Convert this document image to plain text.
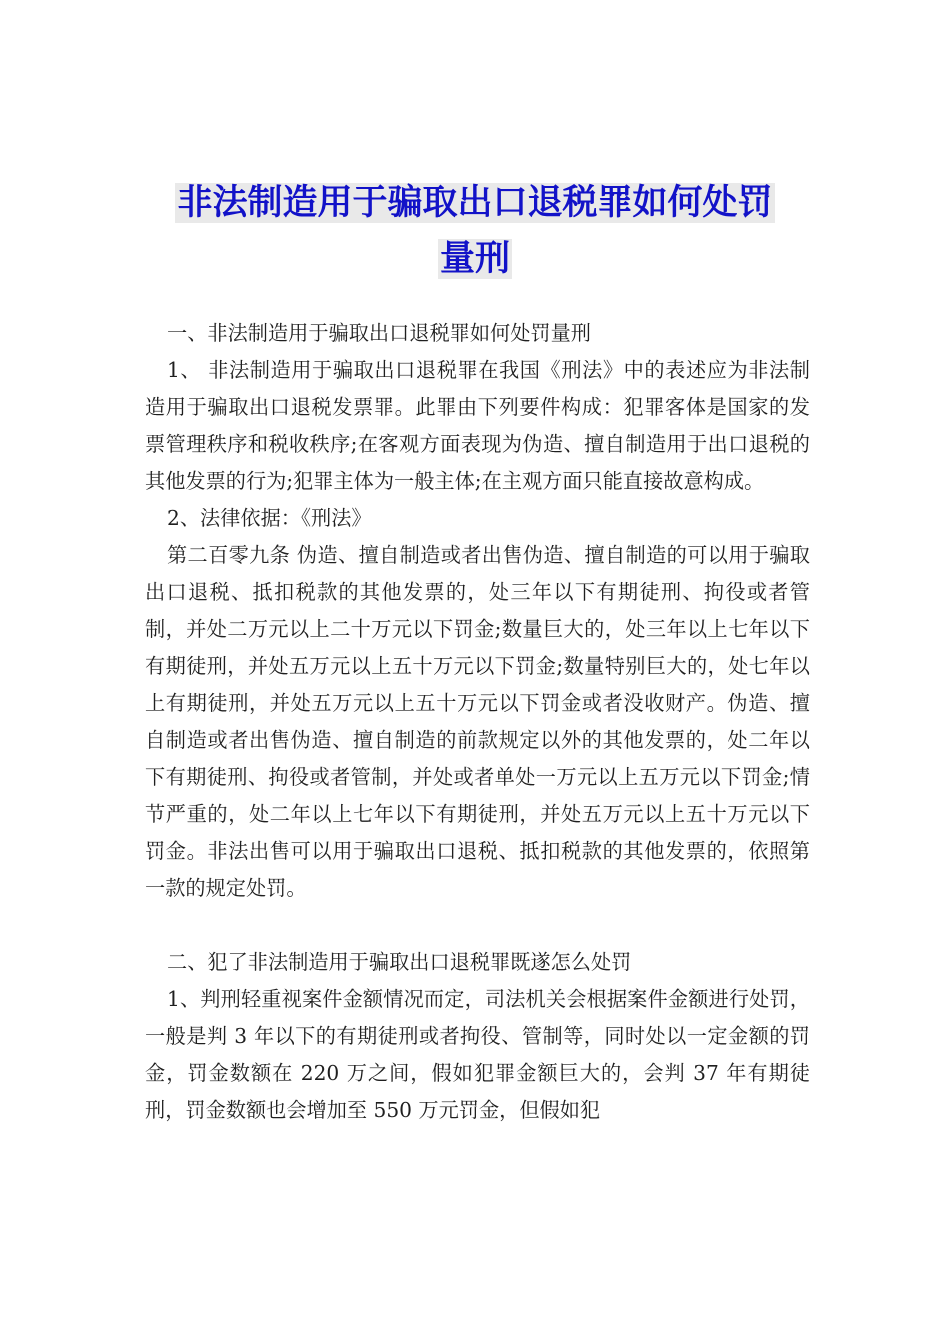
非法制造用于骗取出口退税罪如何处罚
量刑

一、非法制造用于骗取出口退税罪如何处罚量刑

1、 非法制造用于骗取出口退税罪在我国《刑法》中的表述应为非法制造用于骗取出口退税发票罪。此罪由下列要件构成：犯罪客体是国家的发票管理秩序和税收秩序;在客观方面表现为伪造、擅自制造用于出口退税的其他发票的行为;犯罪主体为一般主体;在主观方面只能直接故意构成。

2、法律依据：《刑法》

第二百零九条 伪造、擅自制造或者出售伪造、擅自制造的可以用于骗取出口退税、抵扣税款的其他发票的，处三年以下有期徒刑、拘役或者管制，并处二万元以上二十万元以下罚金;数量巨大的，处三年以上七年以下有期徒刑，并处五万元以上五十万元以下罚金;数量特别巨大的，处七年以上有期徒刑，并处五万元以上五十万元以下罚金或者没收财产。伪造、擅自制造或者出售伪造、擅自制造的前款规定以外的其他发票的，处二年以下有期徒刑、拘役或者管制，并处或者单处一万元以上五万元以下罚金;情节严重的，处二年以上七年以下有期徒刑，并处五万元以上五十万元以下罚金。非法出售可以用于骗取出口退税、抵扣税款的其他发票的，依照第一款的规定处罚。

二、犯了非法制造用于骗取出口退税罪既遂怎么处罚

1、判刑轻重视案件金额情况而定，司法机关会根据案件金额进行处罚，一般是判 3 年以下的有期徒刑或者拘役、管制等，同时处以一定金额的罚金，罚金数额在 220 万之间，假如犯罪金额巨大的，会判 37 年有期徒刑，罚金数额也会增加至 550 万元罚金，但假如犯
